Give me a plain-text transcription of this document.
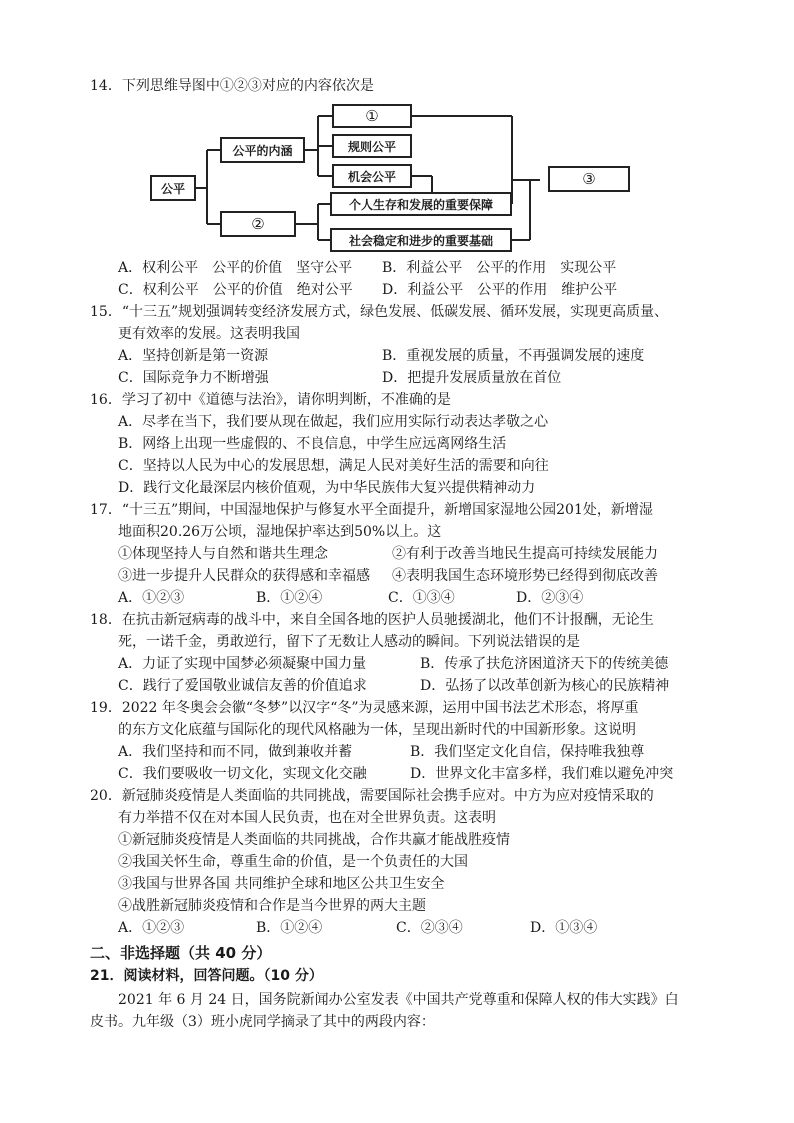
14．下列思维导图中①②③对应的内容依次是
公平
公平的内涵
②
①
规则公平
机会公平
个人生存和发展的重要保障
社会稳定和进步的重要基础
③
A．权利公平　公平的价值　坚守公平 B．利益公平　公平的作用　实现公平
C．权利公平　公平的价值　绝对公平 D．利益公平　公平的作用　维护公平
15．“十三五”规划强调转变经济发展方式，绿色发展、低碳发展、循环发展，实现更高质量、
更有效率的发展。这表明我国
A．坚持创新是第一资源	B．重视发展的质量，不再强调发展的速度
C．国际竞争力不断增强	D．把提升发展质量放在首位
16．学习了初中《道德与法治》，请你明判断，不准确的是
A．尽孝在当下，我们要从现在做起，我们应用实际行动表达孝敬之心
B．网络上出现一些虚假的、不良信息，中学生应远离网络生活
C．坚持以人民为中心的发展思想，满足人民对美好生活的需要和向往
D．践行文化最深层内核价值观，为中华民族伟大复兴提供精神动力
17．“十三五”期间，中国湿地保护与修复水平全面提升，新增国家湿地公园201处，新增湿
地面积20.26万公顷，湿地保护率达到50%以上。这
①体现坚持人与自然和谐共生理念	②有利于改善当地民生提高可持续发展能力
③进一步提升人民群众的获得感和幸福感 ④表明我国生态环境形势已经得到彻底改善
A．①②③	B．①②④	C．①③④	D．②③④
18．在抗击新冠病毒的战斗中，来自全国各地的医护人员驰援湖北，他们不计报酬，无论生
死，一诺千金，勇敢逆行，留下了无数让人感动的瞬间。下列说法错误的是
A．力证了实现中国梦必须凝聚中国力量	B．传承了扶危济困道济天下的传统美德
C．践行了爱国敬业诚信友善的价值追求	D．弘扬了以改革创新为核心的民族精神
19．2022 年冬奥会会徽“冬梦”以汉字“冬”为灵感来源，运用中国书法艺术形态，将厚重
的东方文化底蕴与国际化的现代风格融为一体，呈现出新时代的中国新形象。这说明
A．我们坚持和而不同，做到兼收并蓄	B．我们坚定文化自信，保持唯我独尊
C．我们要吸收一切文化，实现文化交融	D．世界文化丰富多样，我们难以避免冲突
20．新冠肺炎疫情是人类面临的共同挑战，需要国际社会携手应对。中方为应对疫情采取的
有力举措不仅在对本国人民负责，也在对全世界负责。这表明
①新冠肺炎疫情是人类面临的共同挑战，合作共赢才能战胜疫情
②我国关怀生命，尊重生命的价值，是一个负责任的大国
③我国与世界各国 共同维护全球和地区公共卫生安全
④战胜新冠肺炎疫情和合作是当今世界的两大主题
A．①②③	B．①②④	C．②③④	D．①③④
二、非选择题（共 40 分）
21．阅读材料，回答问题。（10 分）
2021 年 6 月 24 日，国务院新闻办公室发表《中国共产党尊重和保障人权的伟大实践》白
皮书。九年级（3）班小虎同学摘录了其中的两段内容：
